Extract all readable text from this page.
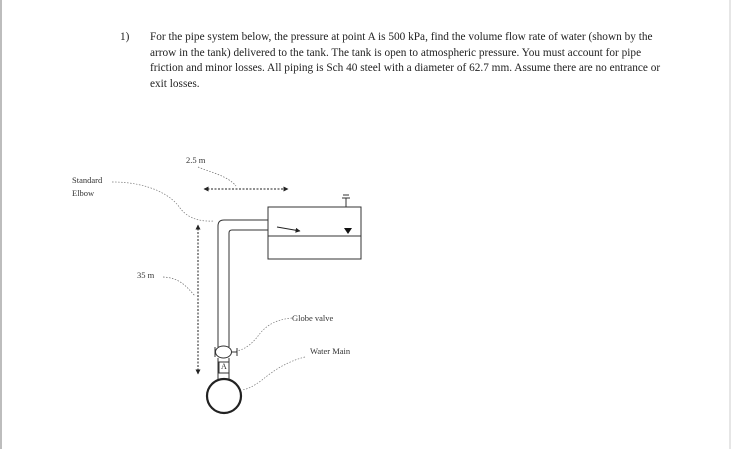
1) For the pipe system below, the pressure at point A is 500 kPa, find the volume flow rate of water (shown by the arrow in the tank) delivered to the tank. The tank is open to atmospheric pressure. You must account for pipe friction and minor losses. All piping is Sch 40 steel with a diameter of 62.7 mm. Assume there are no entrance or exit losses.
2.5 m
35 m
Standard
Elbow
Globe valve
Water Main
A
